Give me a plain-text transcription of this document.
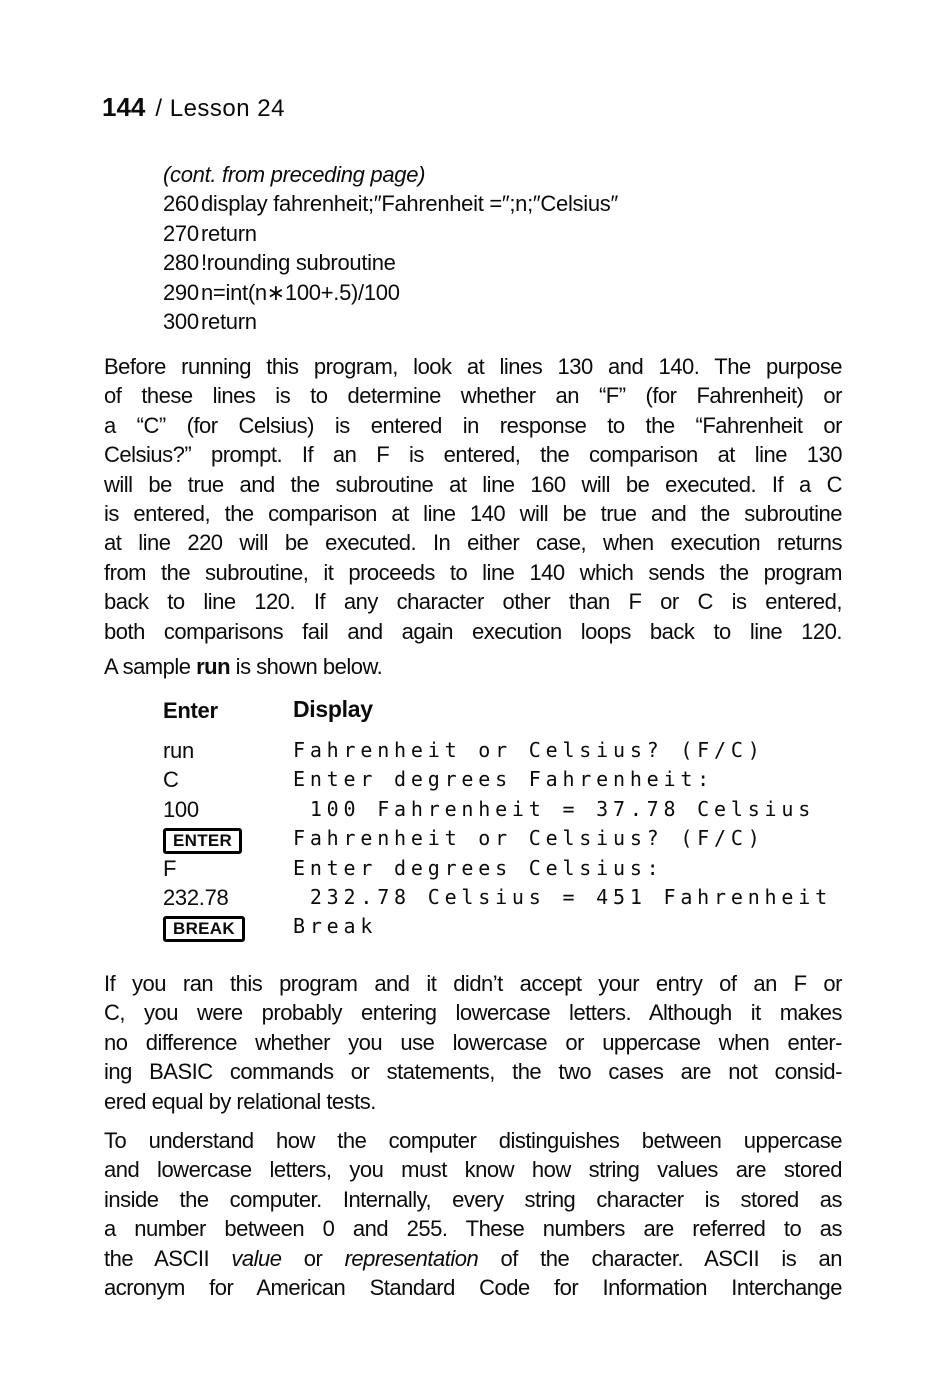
144 / Lesson 24
(cont. from preceding page)
260 display fahrenheit;″Fahrenheit =″;n;″Celsius″
270 return
280 !rounding subroutine
290 n=int(n∗100+.5)/100
300 return
Before running this program, look at lines 130 and 140. The purpose
of these lines is to determine whether an “F” (for Fahrenheit) or
a “C” (for Celsius) is entered in response to the “Fahrenheit or
Celsius?” prompt. If an F is entered, the comparison at line 130
will be true and the subroutine at line 160 will be executed. If a C
is entered, the comparison at line 140 will be true and the subroutine
at line 220 will be executed. In either case, when execution returns
from the subroutine, it proceeds to line 140 which sends the program
back to line 120. If any character other than F or C is entered,
both comparisons fail and again execution loops back to line 120.
A sample run is shown below.
Enter	Display
run	Fahrenheit or Celsius? (F/C)
C	Enter degrees Fahrenheit:
100	100 Fahrenheit = 37.78 Celsius
ENTER	Fahrenheit or Celsius? (F/C)
F	Enter degrees Celsius:
232.78	232.78 Celsius = 451 Fahrenheit
BREAK	Break
If you ran this program and it didn’t accept your entry of an F or
C, you were probably entering lowercase letters. Although it makes
no difference whether you use lowercase or uppercase when enter-
ing BASIC commands or statements, the two cases are not consid-
ered equal by relational tests.
To understand how the computer distinguishes between uppercase
and lowercase letters, you must know how string values are stored
inside the computer. Internally, every string character is stored as
a number between 0 and 255. These numbers are referred to as
the ASCII value or representation of the character. ASCII is an
acronym for American Standard Code for Information Interchange
